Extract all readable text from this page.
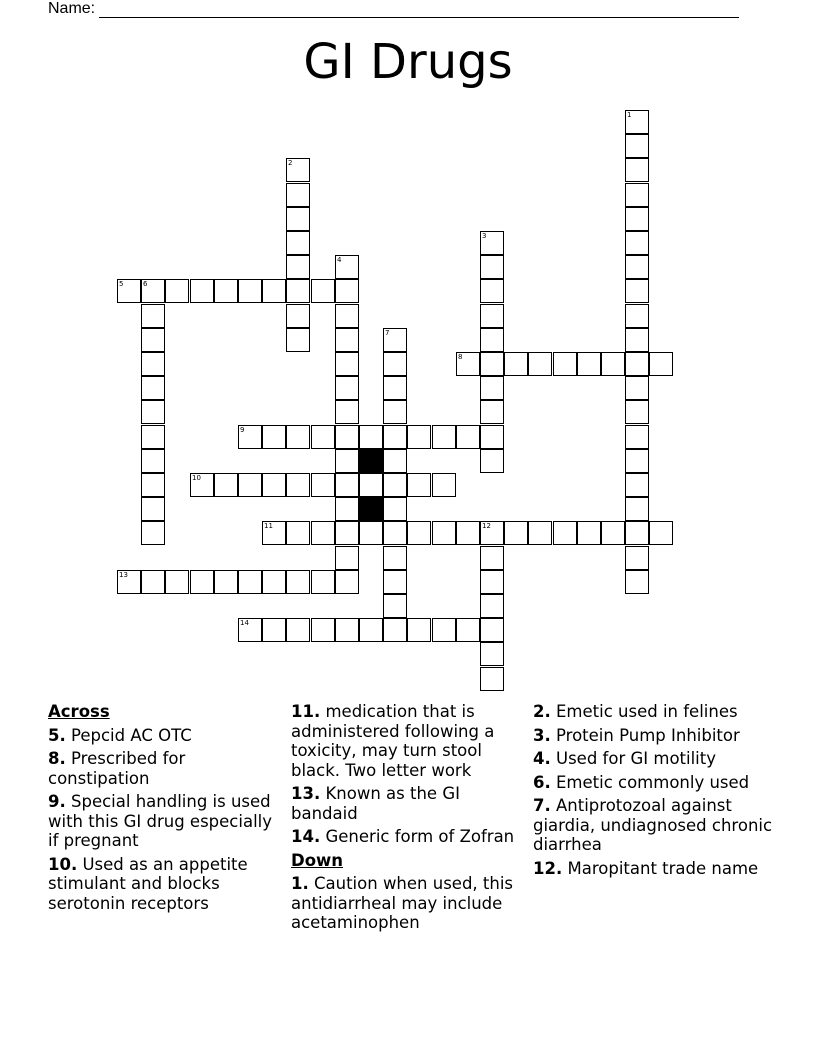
Name:
GI Drugs
1
2
3
4
5	6
7
8
9
10
11	12
13
14
Across
5. Pepcid AC OTC
8. Prescribed for constipation
9. Special handling is used with this GI drug especially if pregnant
10. Used as an appetite stimulant and blocks serotonin receptors
11. medication that is administered following a toxicity, may turn stool black. Two letter work
13. Known as the GI bandaid
14. Generic form of Zofran
Down
1. Caution when used, this antidiarrheal may include acetaminophen
2. Emetic used in felines
3. Protein Pump Inhibitor
4. Used for GI motility
6. Emetic commonly used
7. Antiprotozoal against giardia, undiagnosed chronic diarrhea
12. Maropitant trade name
